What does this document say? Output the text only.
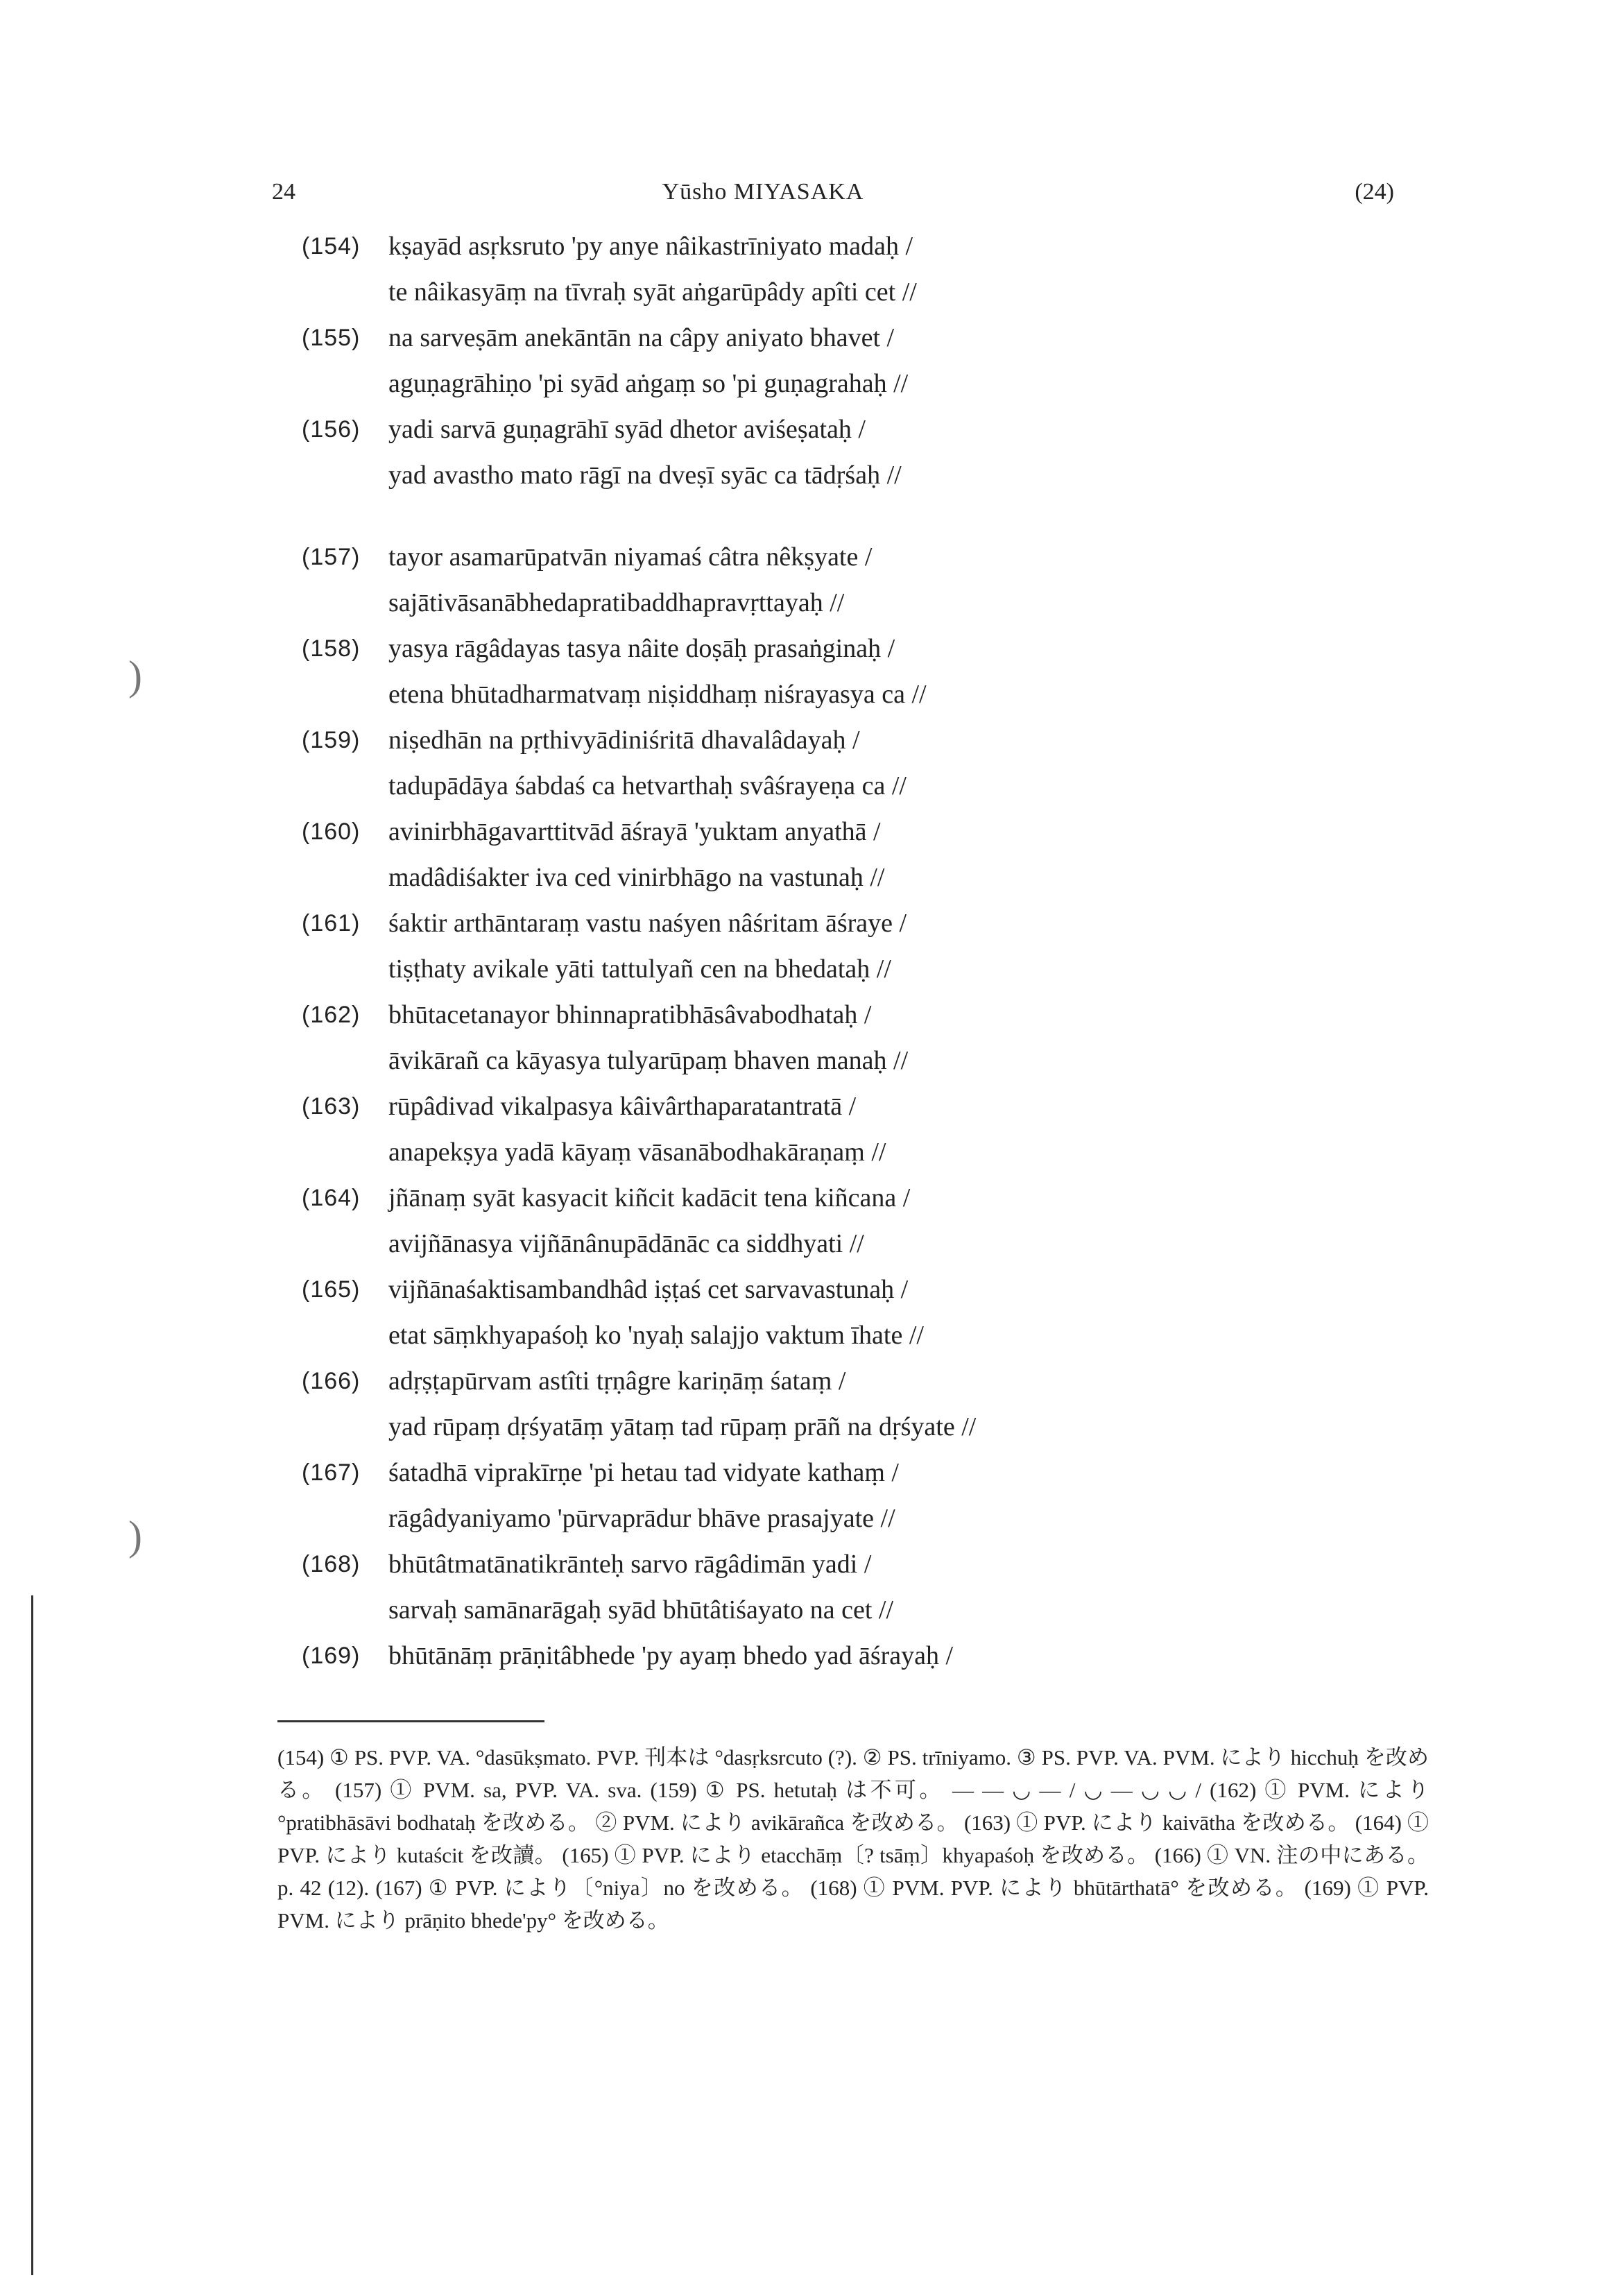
24	Yūsho MIYASAKA	(24)
(154) kṣayād asṛksruto 'py anye nâikastrīniyato madaḥ /
te nâikasyāṃ na tīvraḥ syāt aṅgarūpâdy apîti cet //
(155) na sarveṣām anekāntān na câpy aniyato bhavet /
aguṇagrāhiṇo 'pi syād aṅgaṃ so 'pi guṇagrahaḥ //
(156) yadi sarvā guṇagrāhī syād dhetor aviśeṣataḥ /
yad avastho mato rāgī na dveṣī syāc ca tādṛśaḥ //
(157) tayor asamarūpatvān niyamaś câtra nêkṣyate /
sajātivāsanābhedapratibaddhapravṛttayaḥ //
(158) yasya rāgâdayas tasya nâite doṣāḥ prasaṅginaḥ /
etena bhūtadharmatvaṃ niṣiddhaṃ niśrayasya ca //
(159) niṣedhān na pṛthivyādiniśritā dhavalâdayaḥ /
tadupādāya śabdaś ca hetvarthaḥ svâśrayeṇa ca //
(160) avinirbhāgavarttitvād āśrayā 'yuktam anyathā /
madâdiśakter iva ced vinirbhāgo na vastunaḥ //
(161) śaktir arthāntaraṃ vastu naśyen nâśritam āśraye /
tiṣṭhaty avikale yāti tattulyañ cen na bhedataḥ //
(162) bhūtacetanayor bhinnapratibhāsâvabodhataḥ /
āvikārañ ca kāyasya tulyarūpaṃ bhaven manaḥ //
(163) rūpâdivad vikalpasya kâivârthaparatantratā /
anapekṣya yadā kāyaṃ vāsanābodhakāraṇaṃ //
(164) jñānaṃ syāt kasyacit kiñcit kadācit tena kiñcana /
avijñānasya vijñānânupādānāc ca siddhyati //
(165) vijñānaśaktisambandhâd iṣṭaś cet sarvavastunaḥ /
etat sāṃkhyapaśoḥ ko 'nyaḥ salajjo vaktum īhate //
(166) adṛṣṭapūrvam astîti tṛṇâgre kariṇāṃ śataṃ /
yad rūpaṃ dṛśyatāṃ yātaṃ tad rūpaṃ prāñ na dṛśyate //
(167) śatadhā viprakīrṇe 'pi hetau tad vidyate kathaṃ /
rāgâdyaniyamo 'pūrvaprādur bhāve prasajyate //
(168) bhūtâtmatānatikrānteḥ sarvo rāgâdimān yadi /
sarvaḥ samānarāgaḥ syād bhūtâtiśayato na cet //
(169) bhūtānāṃ prāṇitâbhede 'py ayaṃ bhedo yad āśrayaḥ /
(154) ① PS. PVP. VA. °dasūkṣmato. PVP. 刊本は °dasṛksrcuto (?). ② PS. trīniyamo. ③ PS. PVP. VA. PVM. により hicchuḥ を改める。 (157) ① PVM. sa, PVP. VA. sva. (159) ① PS. hetutaḥ は不可。 — — ◡ — / ◡ — ◡ ◡ / (162) ① PVM. により °pratibhāsāvi bodhataḥ を改める。 ② PVM. により avikārañca を改める。 (163) ① PVP. により kaivātha を改める。 (164) ① PVP. により kutaścit を改讀。 (165) ① PVP. により etacchāṃ〔? tsāṃ〕khyapaśoḥ を改める。 (166) ① VN. 注の中にある。p. 42 (12). (167) ① PVP. により〔°niya〕no を改める。 (168) ① PVM. PVP. により bhūtārthatā° を改める。 (169) ① PVP. PVM. により prāṇito bhede'py° を改める。
)
)
